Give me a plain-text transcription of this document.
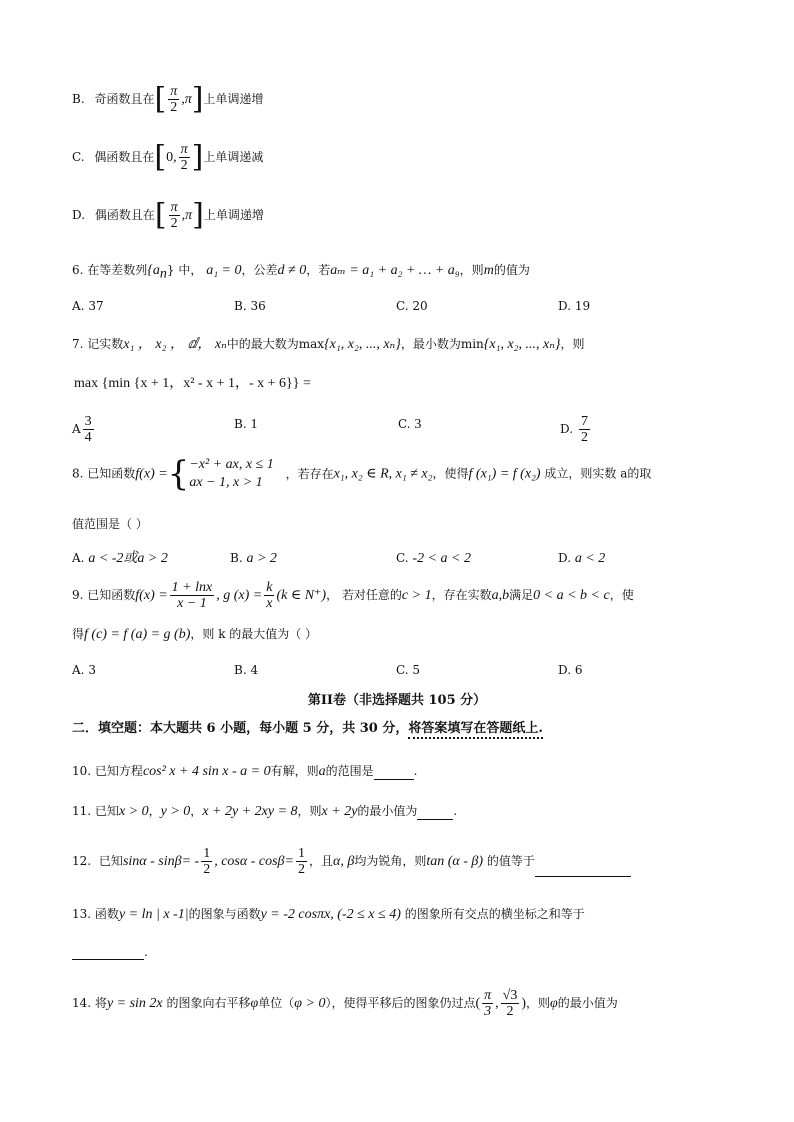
B. 奇函数且在[ $\frac{\pi}{2} ,\pi$]上单调递增
C. 偶函数且在[0, $\frac{\pi}{2}$ ]上单调递减
D. 偶函数且在[ $\frac{\pi}{2} ,\pi$]上单调递增
6. 在等差数列$\{a_n\}$ 中， a₁ = 0，公差d ≠ 0，若aₘ = a₁ + a₂ + … + a₉，则m的值为
A. 37	B. 36	C. 20	D. 19
7. 记实数x₁ ， x₂ ， ⅆ， xₙ中的最大数为max{x₁, x₂, ..., xₙ}，最小数为min{x₁, x₂, ..., xₙ}，则
max {min {x + 1，x² - x + 1，- x + 6}} =
A $\frac{3}{4}$	B. 1	C. 3	D. $\frac{7}{2}$
8. 已知函数f(x) ={ −x² + ax, x ≤ 1
ax − 1, x > 1
，若存在x₁, x₂ ∈ R, x₁ ≠ x₂，使得f (x₁) = f (x₂) 成立，则实数 a的取
值范围是（ ）
A. a < -2或a > 2	B. a > 2	C. -2 < a < 2	D. a < 2
9. 已知函数$f(x) = \frac{1 + \ln x}{x - 1}$ , g $(x) = \frac{k}{x} (k$ ∈ N⁺)， 若对任意的c > 1，存在实数a,b满足0 < a < b < c，使
得f (c) = f (a) = g (b)，则 k 的最大值为（ ）
A. 3	B. 4	C. 5	D. 6
第II卷（非选择题共 105 分）
二．填空题：本大题共 6 小题，每小题 5 分，共 30 分，将答案填写在答题纸上.
10. 已知方程cos² x + 4 sin x - a = 0有解，则a的范围是	.
11. 已知x > 0，y > 0，x + 2y + 2xy = 8，则x + 2y的最小值为	.
12. 已知$\sin\alpha - \sin\beta= - \frac{1}{2}$ , $\cos\alpha - \cos\beta= \frac{1}{2}$ ，且α, β均为锐角，则tan (α - β) 的值等于
13. 函数y = ln | x -1|的图象与函数y = -2 cosπx, (-2 ≤ x ≤ 4) 的图象所有交点的横坐标之和等于
.
14. 将y = sin 2x 的图象向右平移φ单位（φ > 0），使得平移后的图象仍过点( $\frac{\pi}{3}$ , $\frac{√3}{2}$ )，则φ的最小值为
